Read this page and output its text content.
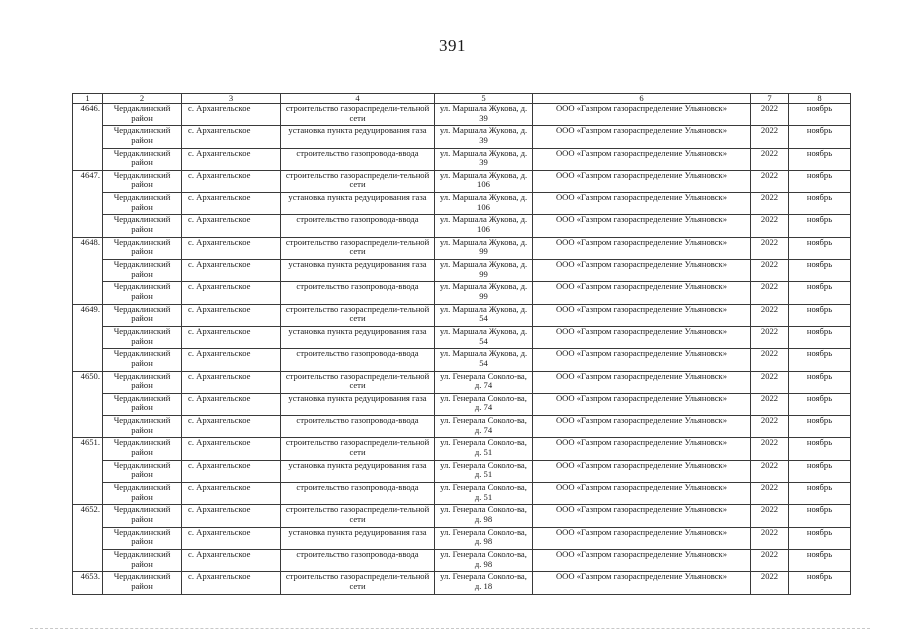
391
1	2	3	4	5	6	7	8
4646.	Чердаклинский район	с. Архангельское	строительство газораспредели-тельной сети	ул. Маршала Жукова, д. 39	ООО «Газпром газораспределение Ульяновск»	2022	ноябрь
	Чердаклинский район	с. Архангельское	установка пункта редуцирования газа	ул. Маршала Жукова, д. 39	ООО «Газпром газораспределение Ульяновск»	2022	ноябрь
	Чердаклинский район	с. Архангельское	строительство газопровода-ввода	ул. Маршала Жукова, д. 39	ООО «Газпром газораспределение Ульяновск»	2022	ноябрь
4647.	Чердаклинский район	с. Архангельское	строительство газораспредели-тельной сети	ул. Маршала Жукова, д. 106	ООО «Газпром газораспределение Ульяновск»	2022	ноябрь
	Чердаклинский район	с. Архангельское	установка пункта редуцирования газа	ул. Маршала Жукова, д. 106	ООО «Газпром газораспределение Ульяновск»	2022	ноябрь
	Чердаклинский район	с. Архангельское	строительство газопровода-ввода	ул. Маршала Жукова, д. 106	ООО «Газпром газораспределение Ульяновск»	2022	ноябрь
4648.	Чердаклинский район	с. Архангельское	строительство газораспредели-тельной сети	ул. Маршала Жукова, д. 99	ООО «Газпром газораспределение Ульяновск»	2022	ноябрь
	Чердаклинский район	с. Архангельское	установка пункта редуцирования газа	ул. Маршала Жукова, д. 99	ООО «Газпром газораспределение Ульяновск»	2022	ноябрь
	Чердаклинский район	с. Архангельское	строительство газопровода-ввода	ул. Маршала Жукова, д. 99	ООО «Газпром газораспределение Ульяновск»	2022	ноябрь
4649.	Чердаклинский район	с. Архангельское	строительство газораспредели-тельной сети	ул. Маршала Жукова, д. 54	ООО «Газпром газораспределение Ульяновск»	2022	ноябрь
	Чердаклинский район	с. Архангельское	установка пункта редуцирования газа	ул. Маршала Жукова, д. 54	ООО «Газпром газораспределение Ульяновск»	2022	ноябрь
	Чердаклинский район	с. Архангельское	строительство газопровода-ввода	ул. Маршала Жукова, д. 54	ООО «Газпром газораспределение Ульяновск»	2022	ноябрь
4650.	Чердаклинский район	с. Архангельское	строительство газораспредели-тельной сети	ул. Генерала Соколо-ва, д. 74	ООО «Газпром газораспределение Ульяновск»	2022	ноябрь
	Чердаклинский район	с. Архангельское	установка пункта редуцирования газа	ул. Генерала Соколо-ва, д. 74	ООО «Газпром газораспределение Ульяновск»	2022	ноябрь
	Чердаклинский район	с. Архангельское	строительство газопровода-ввода	ул. Генерала Соколо-ва, д. 74	ООО «Газпром газораспределение Ульяновск»	2022	ноябрь
4651.	Чердаклинский район	с. Архангельское	строительство газораспредели-тельной сети	ул. Генерала Соколо-ва, д. 51	ООО «Газпром газораспределение Ульяновск»	2022	ноябрь
	Чердаклинский район	с. Архангельское	установка пункта редуцирования газа	ул. Генерала Соколо-ва, д. 51	ООО «Газпром газораспределение Ульяновск»	2022	ноябрь
	Чердаклинский район	с. Архангельское	строительство газопровода-ввода	ул. Генерала Соколо-ва, д. 51	ООО «Газпром газораспределение Ульяновск»	2022	ноябрь
4652.	Чердаклинский район	с. Архангельское	строительство газораспредели-тельной сети	ул. Генерала Соколо-ва, д. 98	ООО «Газпром газораспределение Ульяновск»	2022	ноябрь
	Чердаклинский район	с. Архангельское	установка пункта редуцирования газа	ул. Генерала Соколо-ва, д. 98	ООО «Газпром газораспределение Ульяновск»	2022	ноябрь
	Чердаклинский район	с. Архангельское	строительство газопровода-ввода	ул. Генерала Соколо-ва, д. 98	ООО «Газпром газораспределение Ульяновск»	2022	ноябрь
4653.	Чердаклинский район	с. Архангельское	строительство газораспредели-тельной сети	ул. Генерала Соколо-ва, д. 18	ООО «Газпром газораспределение Ульяновск»	2022	ноябрь
